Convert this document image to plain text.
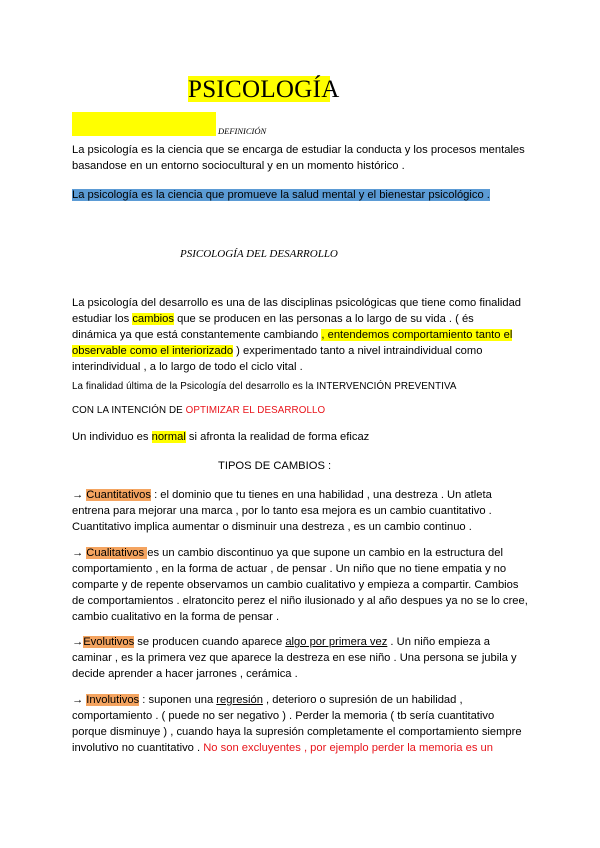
PSICOLOGÍA
DEFINICIÓN
La psicología es la ciencia que se encarga de estudiar la conducta y los procesos mentales
basandose en un entorno sociocultural y en un momento histórico .
La psicología es la ciencia que promueve la salud mental y el bienestar psicológico .
PSICOLOGÍA DEL DESARROLLO
La psicología del desarrollo es una de las disciplinas psicológicas que tiene como finalidad
estudiar los cambios que se producen en las personas a lo largo de su vida . ( és
dinámica ya que está constantemente cambiando , entendemos comportamiento tanto el
observable como el interiorizado ) experimentado tanto a nivel intraindividual como
interindividual , a lo largo de todo el ciclo vital .
La finalidad última de la Psicología del desarrollo es la INTERVENCIÓN PREVENTIVA
CON LA INTENCIÓN DE OPTIMIZAR EL DESARROLLO
Un individuo es normal si afronta la realidad de forma eficaz
TIPOS DE CAMBIOS :
→ Cuantitativos : el dominio que tu tienes en una habilidad , una destreza . Un atleta
entrena para mejorar una marca , por lo tanto esa mejora es un cambio cuantitativo .
Cuantitativo implica aumentar o disminuir una destreza , es un cambio continuo .
→ Cualitativos es un cambio discontinuo ya que supone un cambio en la estructura del
comportamiento , en la forma de actuar , de pensar . Un niño que no tiene empatia y no
comparte y de repente observamos un cambio cualitativo y empieza a compartir. Cambios
de comportamientos . elratoncito perez el niño ilusionado y al año despues ya no se lo cree,
cambio cualitativo en la forma de pensar .
→Evolutivos se producen cuando aparece algo por primera vez . Un niño empieza a
caminar , es la primera vez que aparece la destreza en ese niño . Una persona se jubila y
decide aprender a hacer jarrones , cerámica .
→ Involutivos : suponen una regresión , deterioro o supresión de un habilidad ,
comportamiento . ( puede no ser negativo ) . Perder la memoria ( tb sería cuantitativo
porque disminuye ) , cuando haya la supresión completamente el comportamiento siempre
involutivo no cuantitativo . No son excluyentes , por ejemplo perder la memoria es un
